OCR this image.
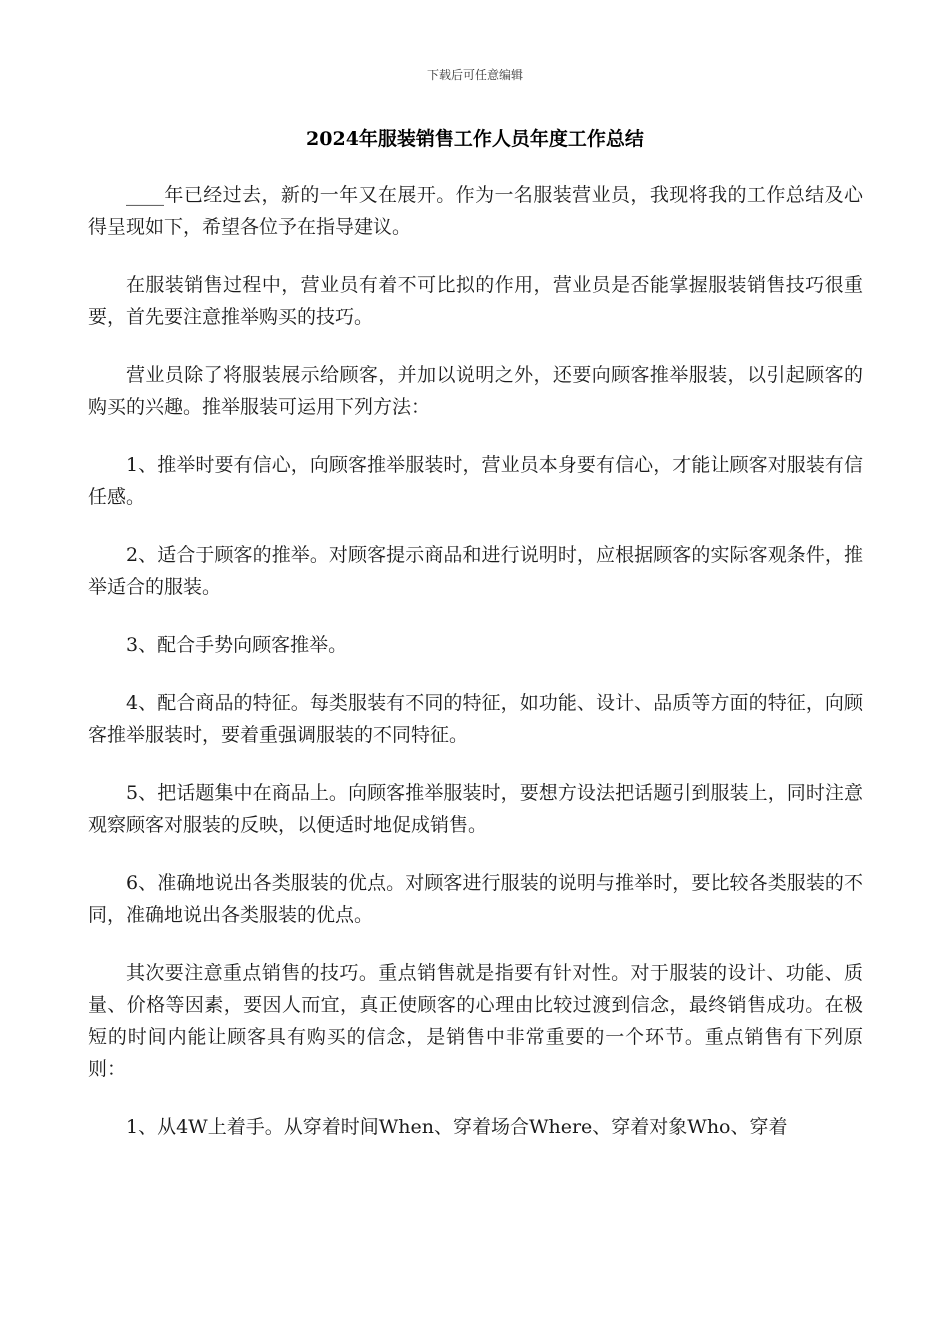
下载后可任意编辑
2024年服装销售工作人员年度工作总结

____年已经过去，新的一年又在展开。作为一名服装营业员，我现将我的工作总结及心得呈现如下，希望各位予在指导建议。

在服装销售过程中，营业员有着不可比拟的作用，营业员是否能掌握服装销售技巧很重要，首先要注意推举购买的技巧。

营业员除了将服装展示给顾客，并加以说明之外，还要向顾客推举服装，以引起顾客的购买的兴趣。推举服装可运用下列方法：

1、推举时要有信心，向顾客推举服装时，营业员本身要有信心，才能让顾客对服装有信任感。

2、适合于顾客的推举。对顾客提示商品和进行说明时，应根据顾客的实际客观条件，推举适合的服装。

3、配合手势向顾客推举。

4、配合商品的特征。每类服装有不同的特征，如功能、设计、品质等方面的特征，向顾客推举服装时，要着重强调服装的不同特征。

5、把话题集中在商品上。向顾客推举服装时，要想方设法把话题引到服装上，同时注意观察顾客对服装的反映，以便适时地促成销售。

6、准确地说出各类服装的优点。对顾客进行服装的说明与推举时，要比较各类服装的不同，准确地说出各类服装的优点。

其次要注意重点销售的技巧。重点销售就是指要有针对性。对于服装的设计、功能、质量、价格等因素，要因人而宜，真正使顾客的心理由比较过渡到信念，最终销售成功。在极短的时间内能让顾客具有购买的信念，是销售中非常重要的一个环节。重点销售有下列原则：

1、从4W上着手。从穿着时间When、穿着场合Where、穿着对象Who、穿着
